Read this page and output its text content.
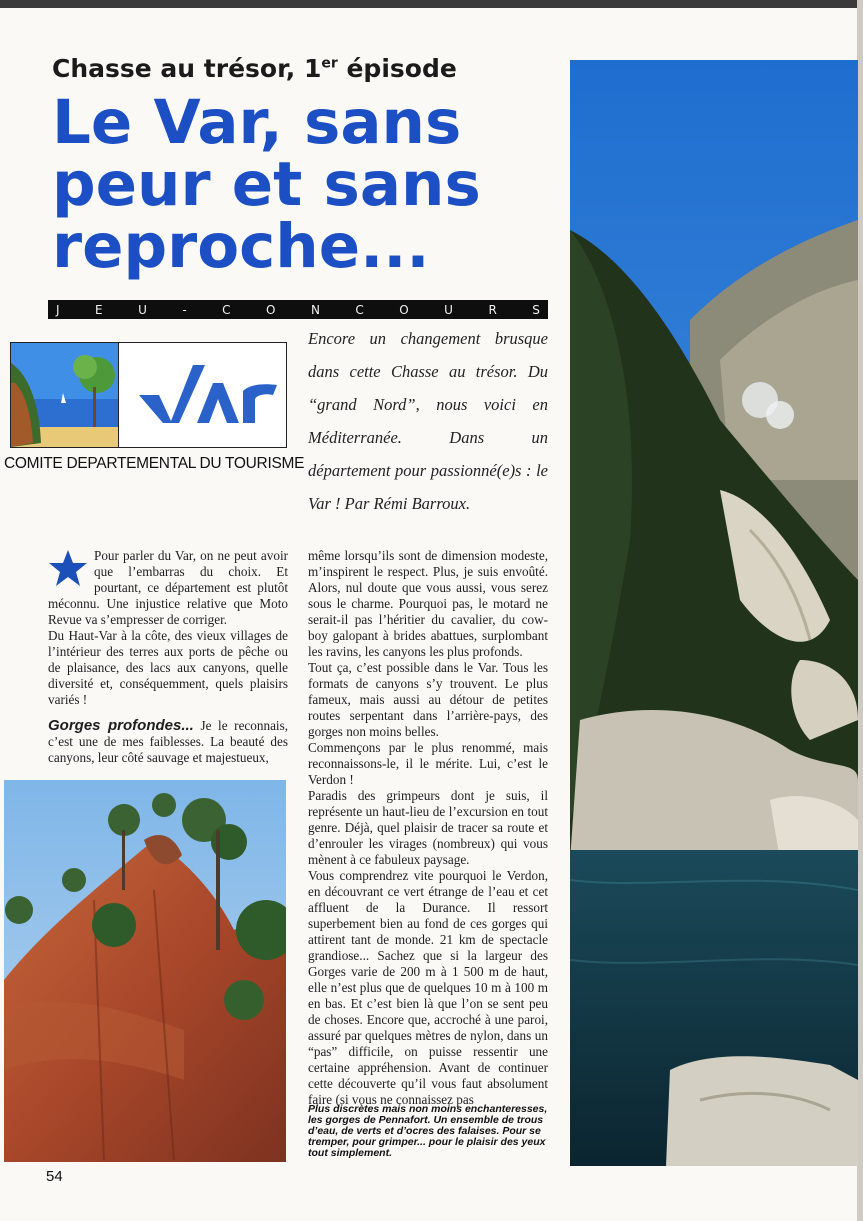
Chasse au trésor, 1er épisode
Le Var, sans
peur et sans
reproche...
J	E	U	-	C	O	N	C	O	U	R	S
COMITE DEPARTEMENTAL DU TOURISME
Encore un changement brusque dans cette Chasse au trésor. Du “grand Nord”, nous voici en Méditerranée. Dans un département pour passionné(e)s : le Var ! Par Rémi Barroux.

Pour parler du Var, on ne peut avoir que l’embarras du choix. Et pourtant, ce département est plutôt méconnu. Une injustice relative que Moto Revue va s’empresser de corriger.

Du Haut-Var à la côte, des vieux villages de l’intérieur des terres aux ports de pêche ou de plaisance, des lacs aux canyons, quelle diversité et, conséquemment, quels plaisirs variés !

Gorges profondes... Je le reconnais, c’est une de mes faiblesses. La beauté des canyons, leur côté sauvage et majestueux,

même lorsqu’ils sont de dimension modeste, m’inspirent le respect. Plus, je suis envoûté. Alors, nul doute que vous aussi, vous serez sous le charme. Pourquoi pas, le motard ne serait-il pas l’héritier du cavalier, du cow-boy galopant à brides abattues, surplombant les ravins, les canyons les plus profonds.

Tout ça, c’est possible dans le Var. Tous les formats de canyons s’y trouvent. Le plus fameux, mais aussi au détour de petites routes serpentant dans l’arrière-pays, des gorges non moins belles.

Commençons par le plus renommé, mais reconnaissons-le, il le mérite. Lui, c’est le Verdon !

Paradis des grimpeurs dont je suis, il représente un haut-lieu de l’excursion en tout genre. Déjà, quel plaisir de tracer sa route et d’enrouler les virages (nombreux) qui vous mènent à ce fabuleux paysage.

Vous comprendrez vite pourquoi le Verdon, en découvrant ce vert étrange de l’eau et cet affluent de la Durance. Il ressort superbement bien au fond de ces gorges qui attirent tant de monde. 21 km de spectacle grandiose... Sachez que si la largeur des Gorges varie de 200 m à 1 500 m de haut, elle n’est plus que de quelques 10 m à 100 m en bas. Et c’est bien là que l’on se sent peu de choses. Encore que, accroché à une paroi, assuré par quelques mètres de nylon, dans un “pas” difficile, on puisse ressentir une certaine appréhension. Avant de continuer cette découverte qu’il vous faut absolument faire (si vous ne connaissez pas

Plus discrètes mais non moins enchanteresses, les gorges de Pennafort. Un ensemble de trous d’eau, de verts et d’ocres des falaises. Pour se tremper, pour grimper... pour le plaisir des yeux tout simplement.
54
